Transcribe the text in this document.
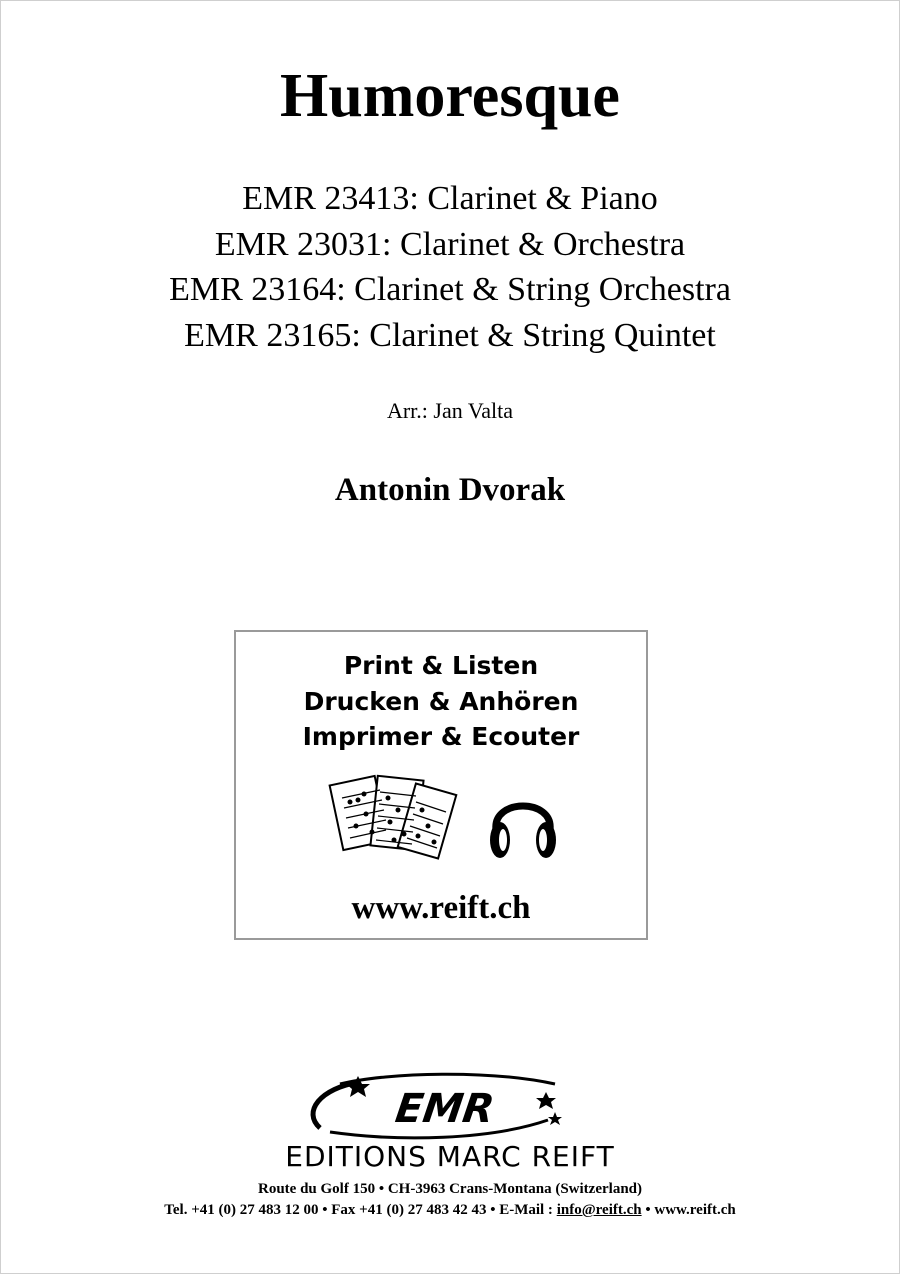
Humoresque
EMR 23413: Clarinet & Piano
EMR 23031: Clarinet & Orchestra
EMR 23164: Clarinet & String Orchestra
EMR 23165: Clarinet & String Quintet
Arr.: Jan Valta
Antonin Dvorak
Print & Listen
Drucken & Anhören
Imprimer & Ecouter
www.reift.ch
EMR
EDITIONS MARC REIFT
Route du Golf 150 • CH-3963 Crans-Montana (Switzerland)
Tel. +41 (0) 27 483 12 00 • Fax +41 (0) 27 483 42 43 • E-Mail : info@reift.ch • www.reift.ch
